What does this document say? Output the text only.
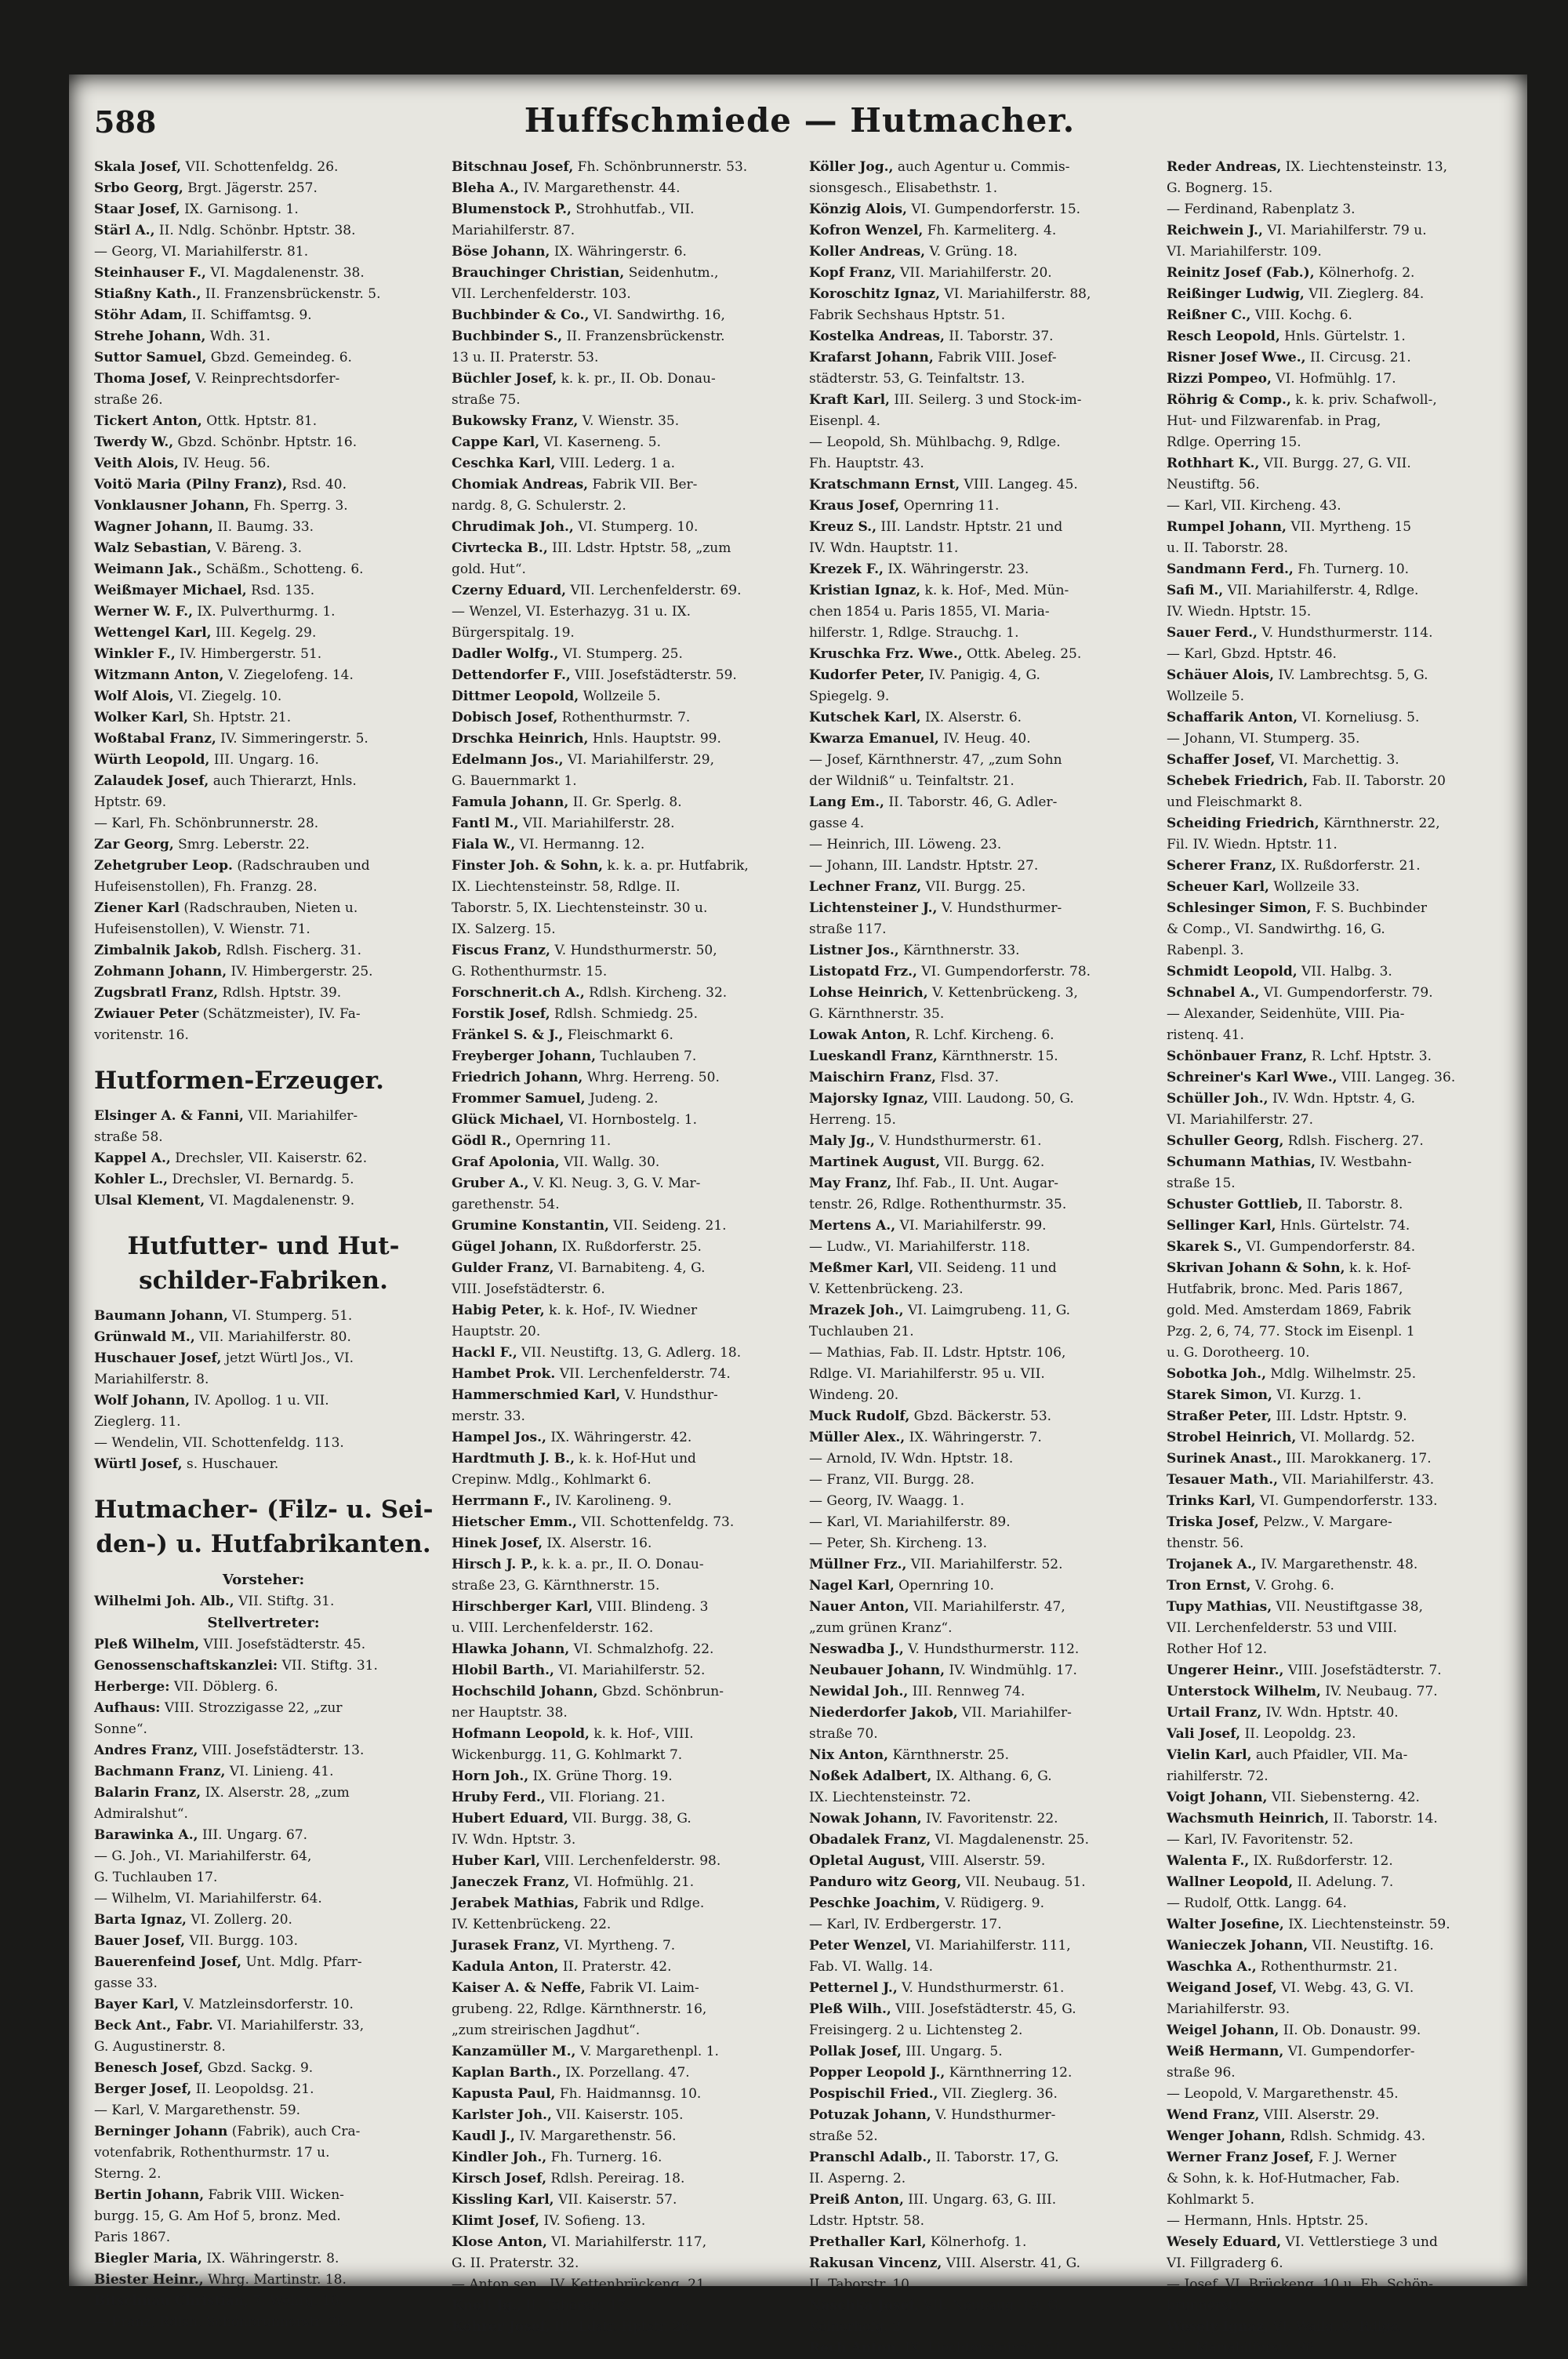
588	Huffschmiede — Hutmacher.
Skala Josef, VII. Schottenfeldg. 26.
Srbo Georg, Brgt. Jägerstr. 257.
Staar Josef, IX. Garnisong. 1.
Stärl A., II. Ndlg. Schönbr. Hptstr. 38.
— Georg, VI. Mariahilferstr. 81.
Steinhauser F., VI. Magdalenenstr. 38.
Stiaßny Kath., II. Franzensbrückenstr. 5.
Stöhr Adam, II. Schiffamtsg. 9.
Strehe Johann, Wdh. 31.
Suttor Samuel, Gbzd. Gemeindeg. 6.
Thoma Josef, V. Reinprechtsdorfer-
straße 26.
Tickert Anton, Ottk. Hptstr. 81.
Twerdy W., Gbzd. Schönbr. Hptstr. 16.
Veith Alois, IV. Heug. 56.
Voitö Maria (Pilny Franz), Rsd. 40.
Vonklausner Johann, Fh. Sperrg. 3.
Wagner Johann, II. Baumg. 33.
Walz Sebastian, V. Bäreng. 3.
Weimann Jak., Schäßm., Schotteng. 6.
Weißmayer Michael, Rsd. 135.
Werner W. F., IX. Pulverthurmg. 1.
Wettengel Karl, III. Kegelg. 29.
Winkler F., IV. Himbergerstr. 51.
Witzmann Anton, V. Ziegelofeng. 14.
Wolf Alois, VI. Ziegelg. 10.
Wolker Karl, Sh. Hptstr. 21.
Woßtabal Franz, IV. Simmeringerstr. 5.
Würth Leopold, III. Ungarg. 16.
Zalaudek Josef, auch Thierarzt, Hnls.
Hptstr. 69.
— Karl, Fh. Schönbrunnerstr. 28.
Zar Georg, Smrg. Leberstr. 22.
Zehetgruber Leop. (Radschrauben und
Hufeisenstollen), Fh. Franzg. 28.
Ziener Karl (Radschrauben, Nieten u.
Hufeisenstollen), V. Wienstr. 71.
Zimbalnik Jakob, Rdlsh. Fischerg. 31.
Zohmann Johann, IV. Himbergerstr. 25.
Zugsbratl Franz, Rdlsh. Hptstr. 39.
Zwiauer Peter (Schätzmeister), IV. Fa-
voritenstr. 16.
Hutformen-Erzeuger.
Elsinger A. & Fanni, VII. Mariahilfer-
straße 58.
Kappel A., Drechsler, VII. Kaiserstr. 62.
Kohler L., Drechsler, VI. Bernardg. 5.
Ulsal Klement, VI. Magdalenenstr. 9.
Hutfutter- und Hut-
schilder-Fabriken.
Baumann Johann, VI. Stumperg. 51.
Grünwald M., VII. Mariahilferstr. 80.
Huschauer Josef, jetzt Würtl Jos., VI.
Mariahilferstr. 8.
Wolf Johann, IV. Apollog. 1 u. VII.
Zieglerg. 11.
— Wendelin, VII. Schottenfeldg. 113.
Würtl Josef, s. Huschauer.
Hutmacher- (Filz- u. Sei-
den-) u. Hutfabrikanten.
Vorsteher:
Wilhelmi Joh. Alb., VII. Stiftg. 31.
Stellvertreter:
Pleß Wilhelm, VIII. Josefstädterstr. 45.
Genossenschaftskanzlei: VII. Stiftg. 31.
Herberge: VII. Döblerg. 6.
Aufhaus: VIII. Strozzigasse 22, „zur
Sonne“.
Andres Franz, VIII. Josefstädterstr. 13.
Bachmann Franz, VI. Linieng. 41.
Balarin Franz, IX. Alserstr. 28, „zum
Admiralshut“.
Barawinka A., III. Ungarg. 67.
— G. Joh., VI. Mariahilferstr. 64,
G. Tuchlauben 17.
— Wilhelm, VI. Mariahilferstr. 64.
Barta Ignaz, VI. Zollerg. 20.
Bauer Josef, VII. Burgg. 103.
Bauerenfeind Josef, Unt. Mdlg. Pfarr-
gasse 33.
Bayer Karl, V. Matzleinsdorferstr. 10.
Beck Ant., Fabr. VI. Mariahilferstr. 33,
G. Augustinerstr. 8.
Benesch Josef, Gbzd. Sackg. 9.
Berger Josef, II. Leopoldsg. 21.
— Karl, V. Margarethenstr. 59.
Berninger Johann (Fabrik), auch Cra-
votenfabrik, Rothenthurmstr. 17 u.
Sterng. 2.
Bertin Johann, Fabrik VIII. Wicken-
burgg. 15, G. Am Hof 5, bronz. Med.
Paris 1867.
Biegler Maria, IX. Währingerstr. 8.
Biester Heinr., Whrg. Martinstr. 18.
Bitschnau Christian, 7. Wehrg. 16.
— Franz, Rdlsh. Schönbrunnerstr. 26.
Bitschnau Josef, Fh. Schönbrunnerstr. 53.
Bleha A., IV. Margarethenstr. 44.
Blumenstock P., Strohhutfab., VII.
Mariahilferstr. 87.
Böse Johann, IX. Währingerstr. 6.
Brauchinger Christian, Seidenhutm.,
VII. Lerchenfelderstr. 103.
Buchbinder & Co., VI. Sandwirthg. 16,
Buchbinder S., II. Franzensbrückenstr.
13 u. II. Praterstr. 53.
Büchler Josef, k. k. pr., II. Ob. Donau-
straße 75.
Bukowsky Franz, V. Wienstr. 35.
Cappe Karl, VI. Kaserneng. 5.
Ceschka Karl, VIII. Lederg. 1 a.
Chomiak Andreas, Fabrik VII. Ber-
nardg. 8, G. Schulerstr. 2.
Chrudimak Joh., VI. Stumperg. 10.
Civrtecka B., III. Ldstr. Hptstr. 58, „zum
gold. Hut“.
Czerny Eduard, VII. Lerchenfelderstr. 69.
— Wenzel, VI. Esterhazyg. 31 u. IX.
Bürgerspitalg. 19.
Dadler Wolfg., VI. Stumperg. 25.
Dettendorfer F., VIII. Josefstädterstr. 59.
Dittmer Leopold, Wollzeile 5.
Dobisch Josef, Rothenthurmstr. 7.
Drschka Heinrich, Hnls. Hauptstr. 99.
Edelmann Jos., VI. Mariahilferstr. 29,
G. Bauernmarkt 1.
Famula Johann, II. Gr. Sperlg. 8.
Fantl M., VII. Mariahilferstr. 28.
Fiala W., VI. Hermanng. 12.
Finster Joh. & Sohn, k. k. a. pr. Hutfabrik,
IX. Liechtensteinstr. 58, Rdlge. II.
Taborstr. 5, IX. Liechtensteinstr. 30 u.
IX. Salzerg. 15.
Fiscus Franz, V. Hundsthurmerstr. 50,
G. Rothenthurmstr. 15.
Forschnerit.ch A., Rdlsh. Kircheng. 32.
Forstik Josef, Rdlsh. Schmiedg. 25.
Fränkel S. & J., Fleischmarkt 6.
Freyberger Johann, Tuchlauben 7.
Friedrich Johann, Whrg. Herreng. 50.
Frommer Samuel, Judeng. 2.
Glück Michael, VI. Hornbostelg. 1.
Gödl R., Opernring 11.
Graf Apolonia, VII. Wallg. 30.
Gruber A., V. Kl. Neug. 3, G. V. Mar-
garethenstr. 54.
Grumine Konstantin, VII. Seideng. 21.
Gügel Johann, IX. Rußdorferstr. 25.
Gulder Franz, VI. Barnabiteng. 4, G.
VIII. Josefstädterstr. 6.
Habig Peter, k. k. Hof-, IV. Wiedner
Hauptstr. 20.
Hackl F., VII. Neustiftg. 13, G. Adlerg. 18.
Hambet Prok. VII. Lerchenfelderstr. 74.
Hammerschmied Karl, V. Hundsthur-
merstr. 33.
Hampel Jos., IX. Währingerstr. 42.
Hardtmuth J. B., k. k. Hof-Hut und
Crepinw. Mdlg., Kohlmarkt 6.
Herrmann F., IV. Karolineng. 9.
Hietscher Emm., VII. Schottenfeldg. 73.
Hinek Josef, IX. Alserstr. 16.
Hirsch J. P., k. k. a. pr., II. O. Donau-
straße 23, G. Kärnthnerstr. 15.
Hirschberger Karl, VIII. Blindeng. 3
u. VIII. Lerchenfelderstr. 162.
Hlawka Johann, VI. Schmalzhofg. 22.
Hlobil Barth., VI. Mariahilferstr. 52.
Hochschild Johann, Gbzd. Schönbrun-
ner Hauptstr. 38.
Hofmann Leopold, k. k. Hof-, VIII.
Wickenburgg. 11, G. Kohlmarkt 7.
Horn Joh., IX. Grüne Thorg. 19.
Hruby Ferd., VII. Floriang. 21.
Hubert Eduard, VII. Burgg. 38, G.
IV. Wdn. Hptstr. 3.
Huber Karl, VIII. Lerchenfelderstr. 98.
Janeczek Franz, VI. Hofmühlg. 21.
Jerabek Mathias, Fabrik und Rdlge.
IV. Kettenbrückeng. 22.
Jurasek Franz, VI. Myrtheng. 7.
Kadula Anton, II. Praterstr. 42.
Kaiser A. & Neffe, Fabrik VI. Laim-
grubeng. 22, Rdlge. Kärnthnerstr. 16,
„zum streirischen Jagdhut“.
Kanzamüller M., V. Margarethenpl. 1.
Kaplan Barth., IX. Porzellang. 47.
Kapusta Paul, Fh. Haidmannsg. 10.
Karlster Joh., VII. Kaiserstr. 105.
Kaudl J., IV. Margarethenstr. 56.
Kindler Joh., Fh. Turnerg. 16.
Kirsch Josef, Rdlsh. Pereirag. 18.
Kissling Karl, VII. Kaiserstr. 57.
Klimt Josef, IV. Sofieng. 13.
Klose Anton, VI. Mariahilferstr. 117,
G. II. Praterstr. 32.
— Anton sen., IV. Kettenbrückeng. 21.
Knoll Jg., II. Taborstr. 17.
Köhrer Josef, III. Ldstr. Hptstr. 26.
Köller Jog., auch Agentur u. Commis-
sionsgesch., Elisabethstr. 1.
Könzig Alois, VI. Gumpendorferstr. 15.
Kofron Wenzel, Fh. Karmeliterg. 4.
Koller Andreas, V. Grüng. 18.
Kopf Franz, VII. Mariahilferstr. 20.
Koroschitz Ignaz, VI. Mariahilferstr. 88,
Fabrik Sechshaus Hptstr. 51.
Kostelka Andreas, II. Taborstr. 37.
Krafarst Johann, Fabrik VIII. Josef-
städterstr. 53, G. Teinfaltstr. 13.
Kraft Karl, III. Seilerg. 3 und Stock-im-
Eisenpl. 4.
— Leopold, Sh. Mühlbachg. 9, Rdlge.
Fh. Hauptstr. 43.
Kratschmann Ernst, VIII. Langeg. 45.
Kraus Josef, Opernring 11.
Kreuz S., III. Landstr. Hptstr. 21 und
IV. Wdn. Hauptstr. 11.
Krezek F., IX. Währingerstr. 23.
Kristian Ignaz, k. k. Hof-, Med. Mün-
chen 1854 u. Paris 1855, VI. Maria-
hilferstr. 1, Rdlge. Strauchg. 1.
Kruschka Frz. Wwe., Ottk. Abeleg. 25.
Kudorfer Peter, IV. Panigig. 4, G.
Spiegelg. 9.
Kutschek Karl, IX. Alserstr. 6.
Kwarza Emanuel, IV. Heug. 40.
— Josef, Kärnthnerstr. 47, „zum Sohn
der Wildniß“ u. Teinfaltstr. 21.
Lang Em., II. Taborstr. 46, G. Adler-
gasse 4.
— Heinrich, III. Löweng. 23.
— Johann, III. Landstr. Hptstr. 27.
Lechner Franz, VII. Burgg. 25.
Lichtensteiner J., V. Hundsthurmer-
straße 117.
Listner Jos., Kärnthnerstr. 33.
Listopatd Frz., VI. Gumpendorferstr. 78.
Lohse Heinrich, V. Kettenbrückeng. 3,
G. Kärnthnerstr. 35.
Lowak Anton, R. Lchf. Kircheng. 6.
Lueskandl Franz, Kärnthnerstr. 15.
Maischirn Franz, Flsd. 37.
Majorsky Ignaz, VIII. Laudong. 50, G.
Herreng. 15.
Maly Jg., V. Hundsthurmerstr. 61.
Martinek August, VII. Burgg. 62.
May Franz, Ihf. Fab., II. Unt. Augar-
tenstr. 26, Rdlge. Rothenthurmstr. 35.
Mertens A., VI. Mariahilferstr. 99.
— Ludw., VI. Mariahilferstr. 118.
Meßmer Karl, VII. Seideng. 11 und
V. Kettenbrückeng. 23.
Mrazek Joh., VI. Laimgrubeng. 11, G.
Tuchlauben 21.
— Mathias, Fab. II. Ldstr. Hptstr. 106,
Rdlge. VI. Mariahilferstr. 95 u. VII.
Windeng. 20.
Muck Rudolf, Gbzd. Bäckerstr. 53.
Müller Alex., IX. Währingerstr. 7.
— Arnold, IV. Wdn. Hptstr. 18.
— Franz, VII. Burgg. 28.
— Georg, IV. Waagg. 1.
— Karl, VI. Mariahilferstr. 89.
— Peter, Sh. Kircheng. 13.
Müllner Frz., VII. Mariahilferstr. 52.
Nagel Karl, Opernring 10.
Nauer Anton, VII. Mariahilferstr. 47,
„zum grünen Kranz“.
Neswadba J., V. Hundsthurmerstr. 112.
Neubauer Johann, IV. Windmühlg. 17.
Newidal Joh., III. Rennweg 74.
Niederdorfer Jakob, VII. Mariahilfer-
straße 70.
Nix Anton, Kärnthnerstr. 25.
Noßek Adalbert, IX. Althang. 6, G.
IX. Liechtensteinstr. 72.
Nowak Johann, IV. Favoritenstr. 22.
Obadalek Franz, VI. Magdalenenstr. 25.
Opletal August, VIII. Alserstr. 59.
Panduro witz Georg, VII. Neubaug. 51.
Peschke Joachim, V. Rüdigerg. 9.
— Karl, IV. Erdbergerstr. 17.
Peter Wenzel, VI. Mariahilferstr. 111,
Fab. VI. Wallg. 14.
Petternel J., V. Hundsthurmerstr. 61.
Pleß Wilh., VIII. Josefstädterstr. 45, G.
Freisingerg. 2 u. Lichtensteg 2.
Pollak Josef, III. Ungarg. 5.
Popper Leopold J., Kärnthnerring 12.
Pospischil Fried., VII. Zieglerg. 36.
Potuzak Johann, V. Hundsthurmer-
straße 52.
Pranschl Adalb., II. Taborstr. 17, G.
II. Asperng. 2.
Preiß Anton, III. Ungarg. 63, G. III.
Ldstr. Hptstr. 58.
Prethaller Karl, Kölnerhofg. 1.
Rakusan Vincenz, VIII. Alserstr. 41, G.
II. Taborstr. 10.
Naschka Josef, VII. Neubaug. 19, G.
Kölnerhofg. 2.
Rech Anton, IX. Liechtensteinstr. 51.
Reder Andreas, IX. Liechtensteinstr. 13,
G. Bognerg. 15.
— Ferdinand, Rabenplatz 3.
Reichwein J., VI. Mariahilferstr. 79 u.
VI. Mariahilferstr. 109.
Reinitz Josef (Fab.), Kölnerhofg. 2.
Reißinger Ludwig, VII. Zieglerg. 84.
Reißner C., VIII. Kochg. 6.
Resch Leopold, Hnls. Gürtelstr. 1.
Risner Josef Wwe., II. Circusg. 21.
Rizzi Pompeo, VI. Hofmühlg. 17.
Röhrig & Comp., k. k. priv. Schafwoll-,
Hut- und Filzwarenfab. in Prag,
Rdlge. Operring 15.
Rothhart K., VII. Burgg. 27, G. VII.
Neustiftg. 56.
— Karl, VII. Kircheng. 43.
Rumpel Johann, VII. Myrtheng. 15
u. II. Taborstr. 28.
Sandmann Ferd., Fh. Turnerg. 10.
Safi M., VII. Mariahilferstr. 4, Rdlge.
IV. Wiedn. Hptstr. 15.
Sauer Ferd., V. Hundsthurmerstr. 114.
— Karl, Gbzd. Hptstr. 46.
Schäuer Alois, IV. Lambrechtsg. 5, G.
Wollzeile 5.
Schaffarik Anton, VI. Korneliusg. 5.
— Johann, VI. Stumperg. 35.
Schaffer Josef, VI. Marchettig. 3.
Schebek Friedrich, Fab. II. Taborstr. 20
und Fleischmarkt 8.
Scheiding Friedrich, Kärnthnerstr. 22,
Fil. IV. Wiedn. Hptstr. 11.
Scherer Franz, IX. Rußdorferstr. 21.
Scheuer Karl, Wollzeile 33.
Schlesinger Simon, F. S. Buchbinder
& Comp., VI. Sandwirthg. 16, G.
Rabenpl. 3.
Schmidt Leopold, VII. Halbg. 3.
Schnabel A., VI. Gumpendorferstr. 79.
— Alexander, Seidenhüte, VIII. Pia-
ristenq. 41.
Schönbauer Franz, R. Lchf. Hptstr. 3.
Schreiner's Karl Wwe., VIII. Langeg. 36.
Schüller Joh., IV. Wdn. Hptstr. 4, G.
VI. Mariahilferstr. 27.
Schuller Georg, Rdlsh. Fischerg. 27.
Schumann Mathias, IV. Westbahn-
straße 15.
Schuster Gottlieb, II. Taborstr. 8.
Sellinger Karl, Hnls. Gürtelstr. 74.
Skarek S., VI. Gumpendorferstr. 84.
Skrivan Johann & Sohn, k. k. Hof-
Hutfabrik, bronc. Med. Paris 1867,
gold. Med. Amsterdam 1869, Fabrik
Pzg. 2, 6, 74, 77. Stock im Eisenpl. 1
u. G. Dorotheerg. 10.
Sobotka Joh., Mdlg. Wilhelmstr. 25.
Starek Simon, VI. Kurzg. 1.
Straßer Peter, III. Ldstr. Hptstr. 9.
Strobel Heinrich, VI. Mollardg. 52.
Surinek Anast., III. Marokkanerg. 17.
Tesauer Math., VII. Mariahilferstr. 43.
Trinks Karl, VI. Gumpendorferstr. 133.
Triska Josef, Pelzw., V. Margare-
thenstr. 56.
Trojanek A., IV. Margarethenstr. 48.
Tron Ernst, V. Grohg. 6.
Tupy Mathias, VII. Neustiftgasse 38,
VII. Lerchenfelderstr. 53 und VIII.
Rother Hof 12.
Ungerer Heinr., VIII. Josefstädterstr. 7.
Unterstock Wilhelm, IV. Neubaug. 77.
Urtail Franz, IV. Wdn. Hptstr. 40.
Vali Josef, II. Leopoldg. 23.
Vielin Karl, auch Pfaidler, VII. Ma-
riahilferstr. 72.
Voigt Johann, VII. Siebensterng. 42.
Wachsmuth Heinrich, II. Taborstr. 14.
— Karl, IV. Favoritenstr. 52.
Walenta F., IX. Rußdorferstr. 12.
Wallner Leopold, II. Adelung. 7.
— Rudolf, Ottk. Langg. 64.
Walter Josefine, IX. Liechtensteinstr. 59.
Wanieczek Johann, VII. Neustiftg. 16.
Waschka A., Rothenthurmstr. 21.
Weigand Josef, VI. Webg. 43, G. VI.
Mariahilferstr. 93.
Weigel Johann, II. Ob. Donaustr. 99.
Weiß Hermann, VI. Gumpendorfer-
straße 96.
— Leopold, V. Margarethenstr. 45.
Wend Franz, VIII. Alserstr. 29.
Wenger Johann, Rdlsh. Schmidg. 43.
Werner Franz Josef, F. J. Werner
& Sohn, k. k. Hof-Hutmacher, Fab.
Kohlmarkt 5.
— Hermann, Hnls. Hptstr. 25.
Wesely Eduard, VI. Vettlerstiege 3 und
VI. Fillgraderg 6.
— Josef, VI. Brückeng. 10 u. Fh. Schön-
brunnerstr. 7.
Wesely Ignaz, VI. Wallg. 6, Rdlge.
VII. Mariahilferstr. 96.
